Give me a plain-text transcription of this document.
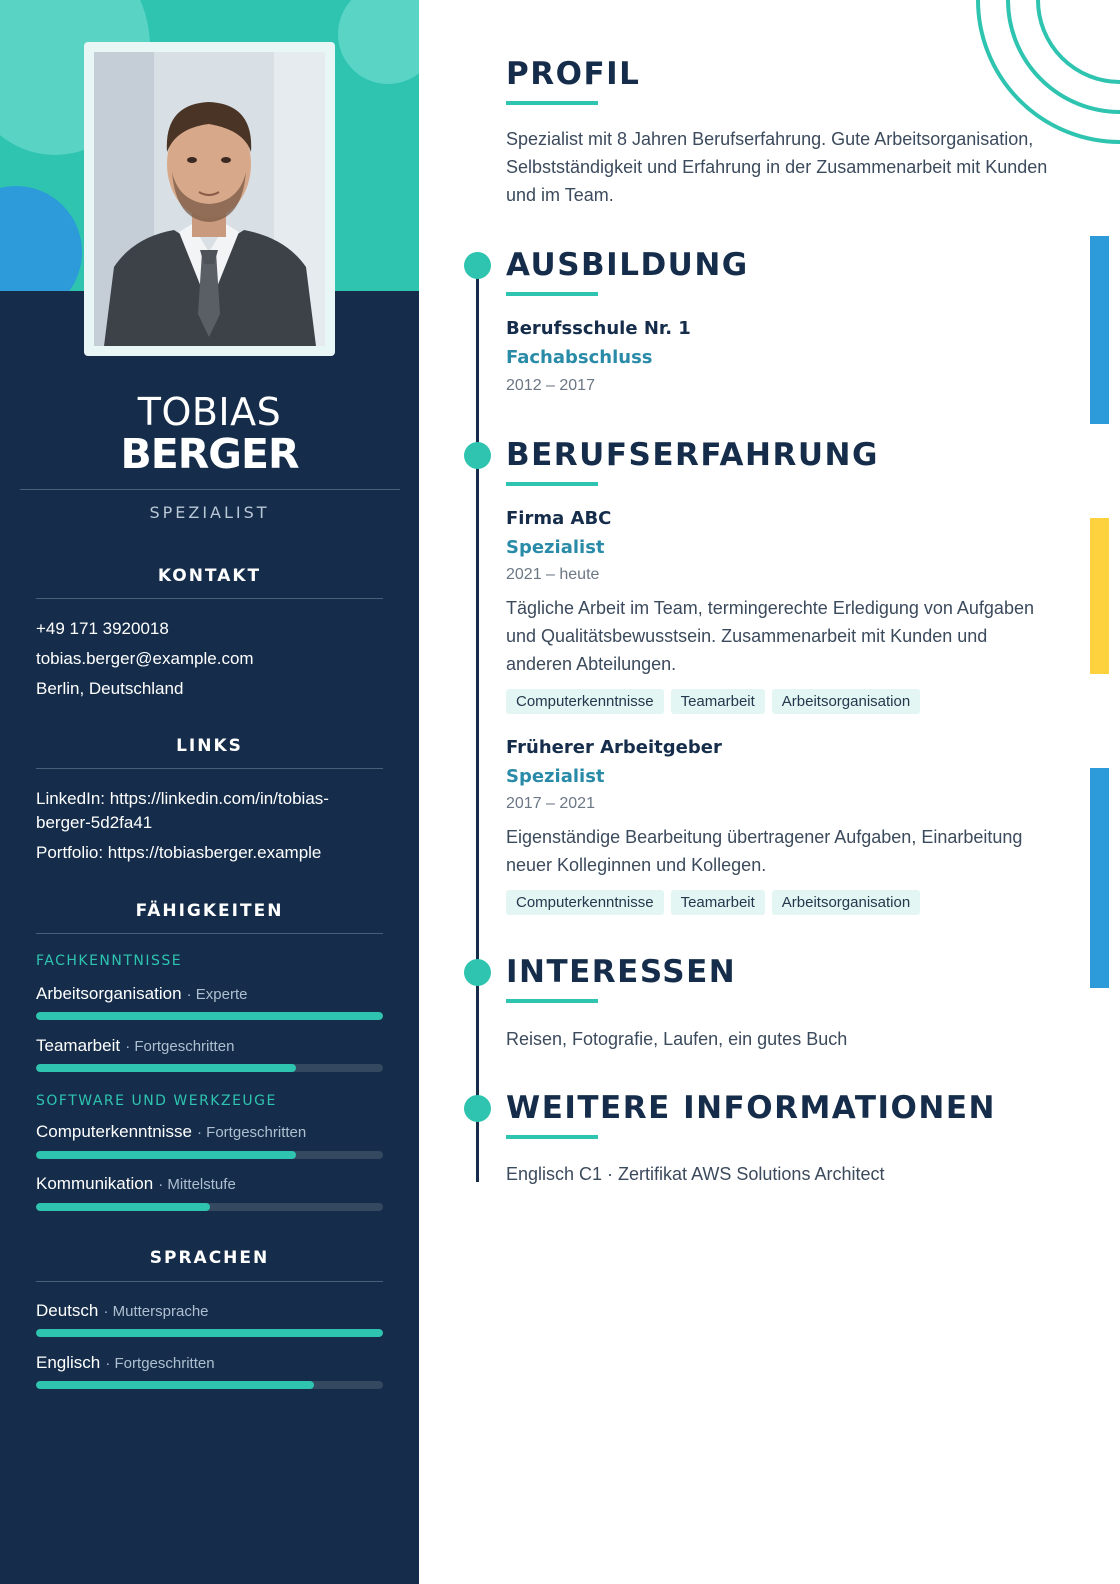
TOBIAS
BERGER
SPEZIALIST
KONTAKT
+49 171 3920018
tobias.berger@example.com
Berlin, Deutschland
LINKS
LinkedIn: https://linkedin.com/in/tobias-berger-5d2fa41
Portfolio: https://tobiasberger.example
FÄHIGKEITEN
FACHKENNTNISSE
Arbeitsorganisation · Experte
Teamarbeit · Fortgeschritten
SOFTWARE UND WERKZEUGE
Computerkenntnisse · Fortgeschritten
Kommunikation · Mittelstufe
SPRACHEN
Deutsch · Muttersprache
Englisch · Fortgeschritten
PROFIL
Spezialist mit 8 Jahren Berufserfahrung. Gute Arbeitsorganisation, Selbstständigkeit und Erfahrung in der Zusammenarbeit mit Kunden und im Team.
AUSBILDUNG
Berufsschule Nr. 1
Fachabschluss
2012 – 2017
BERUFSERFAHRUNG
Firma ABC
Spezialist
2021 – heute
Tägliche Arbeit im Team, termingerechte Erledigung von Aufgaben und Qualitätsbewusstsein. Zusammenarbeit mit Kunden und anderen Abteilungen.
Computerkenntnisse	Teamarbeit	Arbeitsorganisation
Früherer Arbeitgeber
Spezialist
2017 – 2021
Eigenständige Bearbeitung übertragener Aufgaben, Einarbeitung neuer Kolleginnen und Kollegen.
Computerkenntnisse	Teamarbeit	Arbeitsorganisation
INTERESSEN
Reisen, Fotografie, Laufen, ein gutes Buch
WEITERE INFORMATIONEN
Englisch C1 · Zertifikat AWS Solutions Architect
